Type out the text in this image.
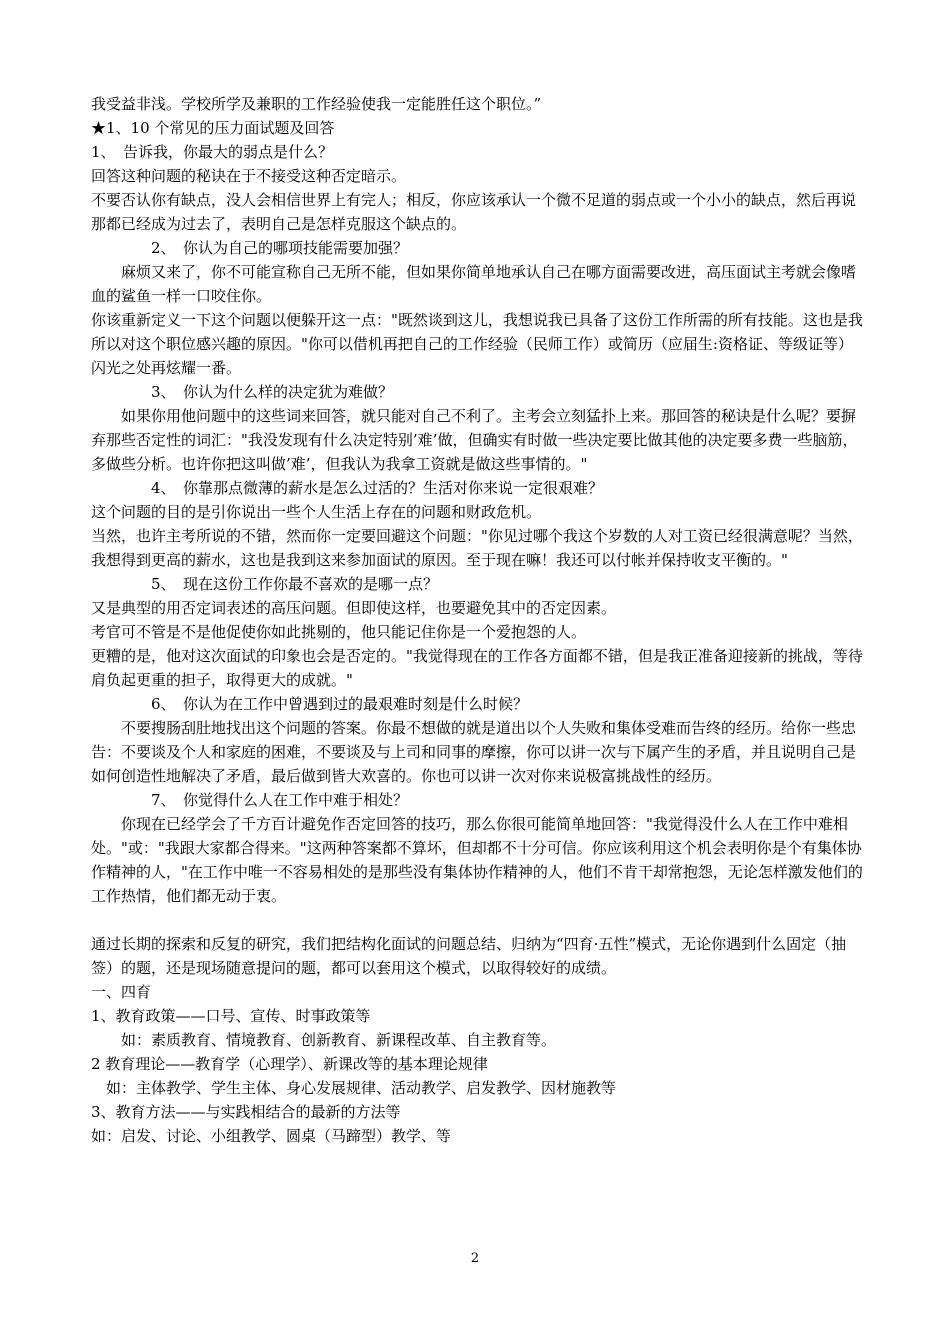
我受益非浅。学校所学及兼职的工作经验使我一定能胜任这个职位。”

★1、10 个常见的压力面试题及回答

1、　告诉我，你最大的弱点是什么？

回答这种问题的秘诀在于不接受这种否定暗示。

不要否认你有缺点，没人会相信世界上有完人；相反，你应该承认一个微不足道的弱点或一个小小的缺点，然后再说那都已经成为过去了，表明自己是怎样克服这个缺点的。

　　　　2、　你认为自己的哪项技能需要加强？

　　麻烦又来了，你不可能宣称自己无所不能，但如果你简单地承认自己在哪方面需要改进，高压面试主考就会像嗜血的鲨鱼一样一口咬住你。

你该重新定义一下这个问题以便躲开这一点："既然谈到这儿，我想说我已具备了这份工作所需的所有技能。这也是我所以对这个职位感兴趣的原因。"你可以借机再把自己的工作经验（民师工作）或简历（应届生:资格证、等级证等）闪光之处再炫耀一番。

　　　　3、　你认为什么样的决定犹为难做？

　　如果你用他问题中的这些词来回答，就只能对自己不利了。主考会立刻猛扑上来。那回答的秘诀是什么呢？要摒弃那些否定性的词汇："我没发现有什么决定特别’难’做，但确实有时做一些决定要比做其他的决定要多费一些脑筋，多做些分析。也许你把这叫做’难’，但我认为我拿工资就是做这些事情的。"

　　　　4、　你靠那点微薄的薪水是怎么过活的？生活对你来说一定很艰难？

这个问题的目的是引你说出一些个人生活上存在的问题和财政危机。

当然，也许主考所说的不错，然而你一定要回避这个问题："你见过哪个我这个岁数的人对工资已经很满意呢？当然，我想得到更高的薪水，这也是我到这来参加面试的原因。至于现在嘛！我还可以付帐并保持收支平衡的。"

　　　　5、　现在这份工作你最不喜欢的是哪一点？

又是典型的用否定词表述的高压问题。但即使这样，也要避免其中的否定因素。

考官可不管是不是他促使你如此挑剔的，他只能记住你是一个爱抱怨的人。

更糟的是，他对这次面试的印象也会是否定的。"我觉得现在的工作各方面都不错，但是我正准备迎接新的挑战，等待肩负起更重的担子，取得更大的成就。"

　　　　6、　你认为在工作中曾遇到过的最艰难时刻是什么时候？

　　不要搜肠刮肚地找出这个问题的答案。你最不想做的就是道出以个人失败和集体受难而告终的经历。给你一些忠告：不要谈及个人和家庭的困难，不要谈及与上司和同事的摩擦，你可以讲一次与下属产生的矛盾，并且说明自己是如何创造性地解决了矛盾，最后做到皆大欢喜的。你也可以讲一次对你来说极富挑战性的经历。

　　　　7、　你觉得什么人在工作中难于相处？

　　你现在已经学会了千方百计避免作否定回答的技巧，那么你很可能简单地回答："我觉得没什么人在工作中难相处。"或："我跟大家都合得来。"这两种答案都不算坏，但却都不十分可信。你应该利用这个机会表明你是个有集体协作精神的人，"在工作中唯一不容易相处的是那些没有集体协作精神的人，他们不肯干却常抱怨，无论怎样激发他们的工作热情，他们都无动于衷。

通过长期的探索和反复的研究，我们把结构化面试的问题总结、归纳为“四育·五性”模式，无论你遇到什么固定（抽签）的题，还是现场随意提问的题，都可以套用这个模式，以取得较好的成绩。

一、四育

1、教育政策——口号、宣传、时事政策等

　　如：素质教育、情境教育、创新教育、新课程改革、自主教育等。

2 教育理论——教育学（心理学）、新课改等的基本理论规律

　如：主体教学、学生主体、身心发展规律、活动教学、启发教学、因材施教等

3、教育方法——与实践相结合的最新的方法等

如：启发、讨论、小组教学、圆桌（马蹄型）教学、等

2
